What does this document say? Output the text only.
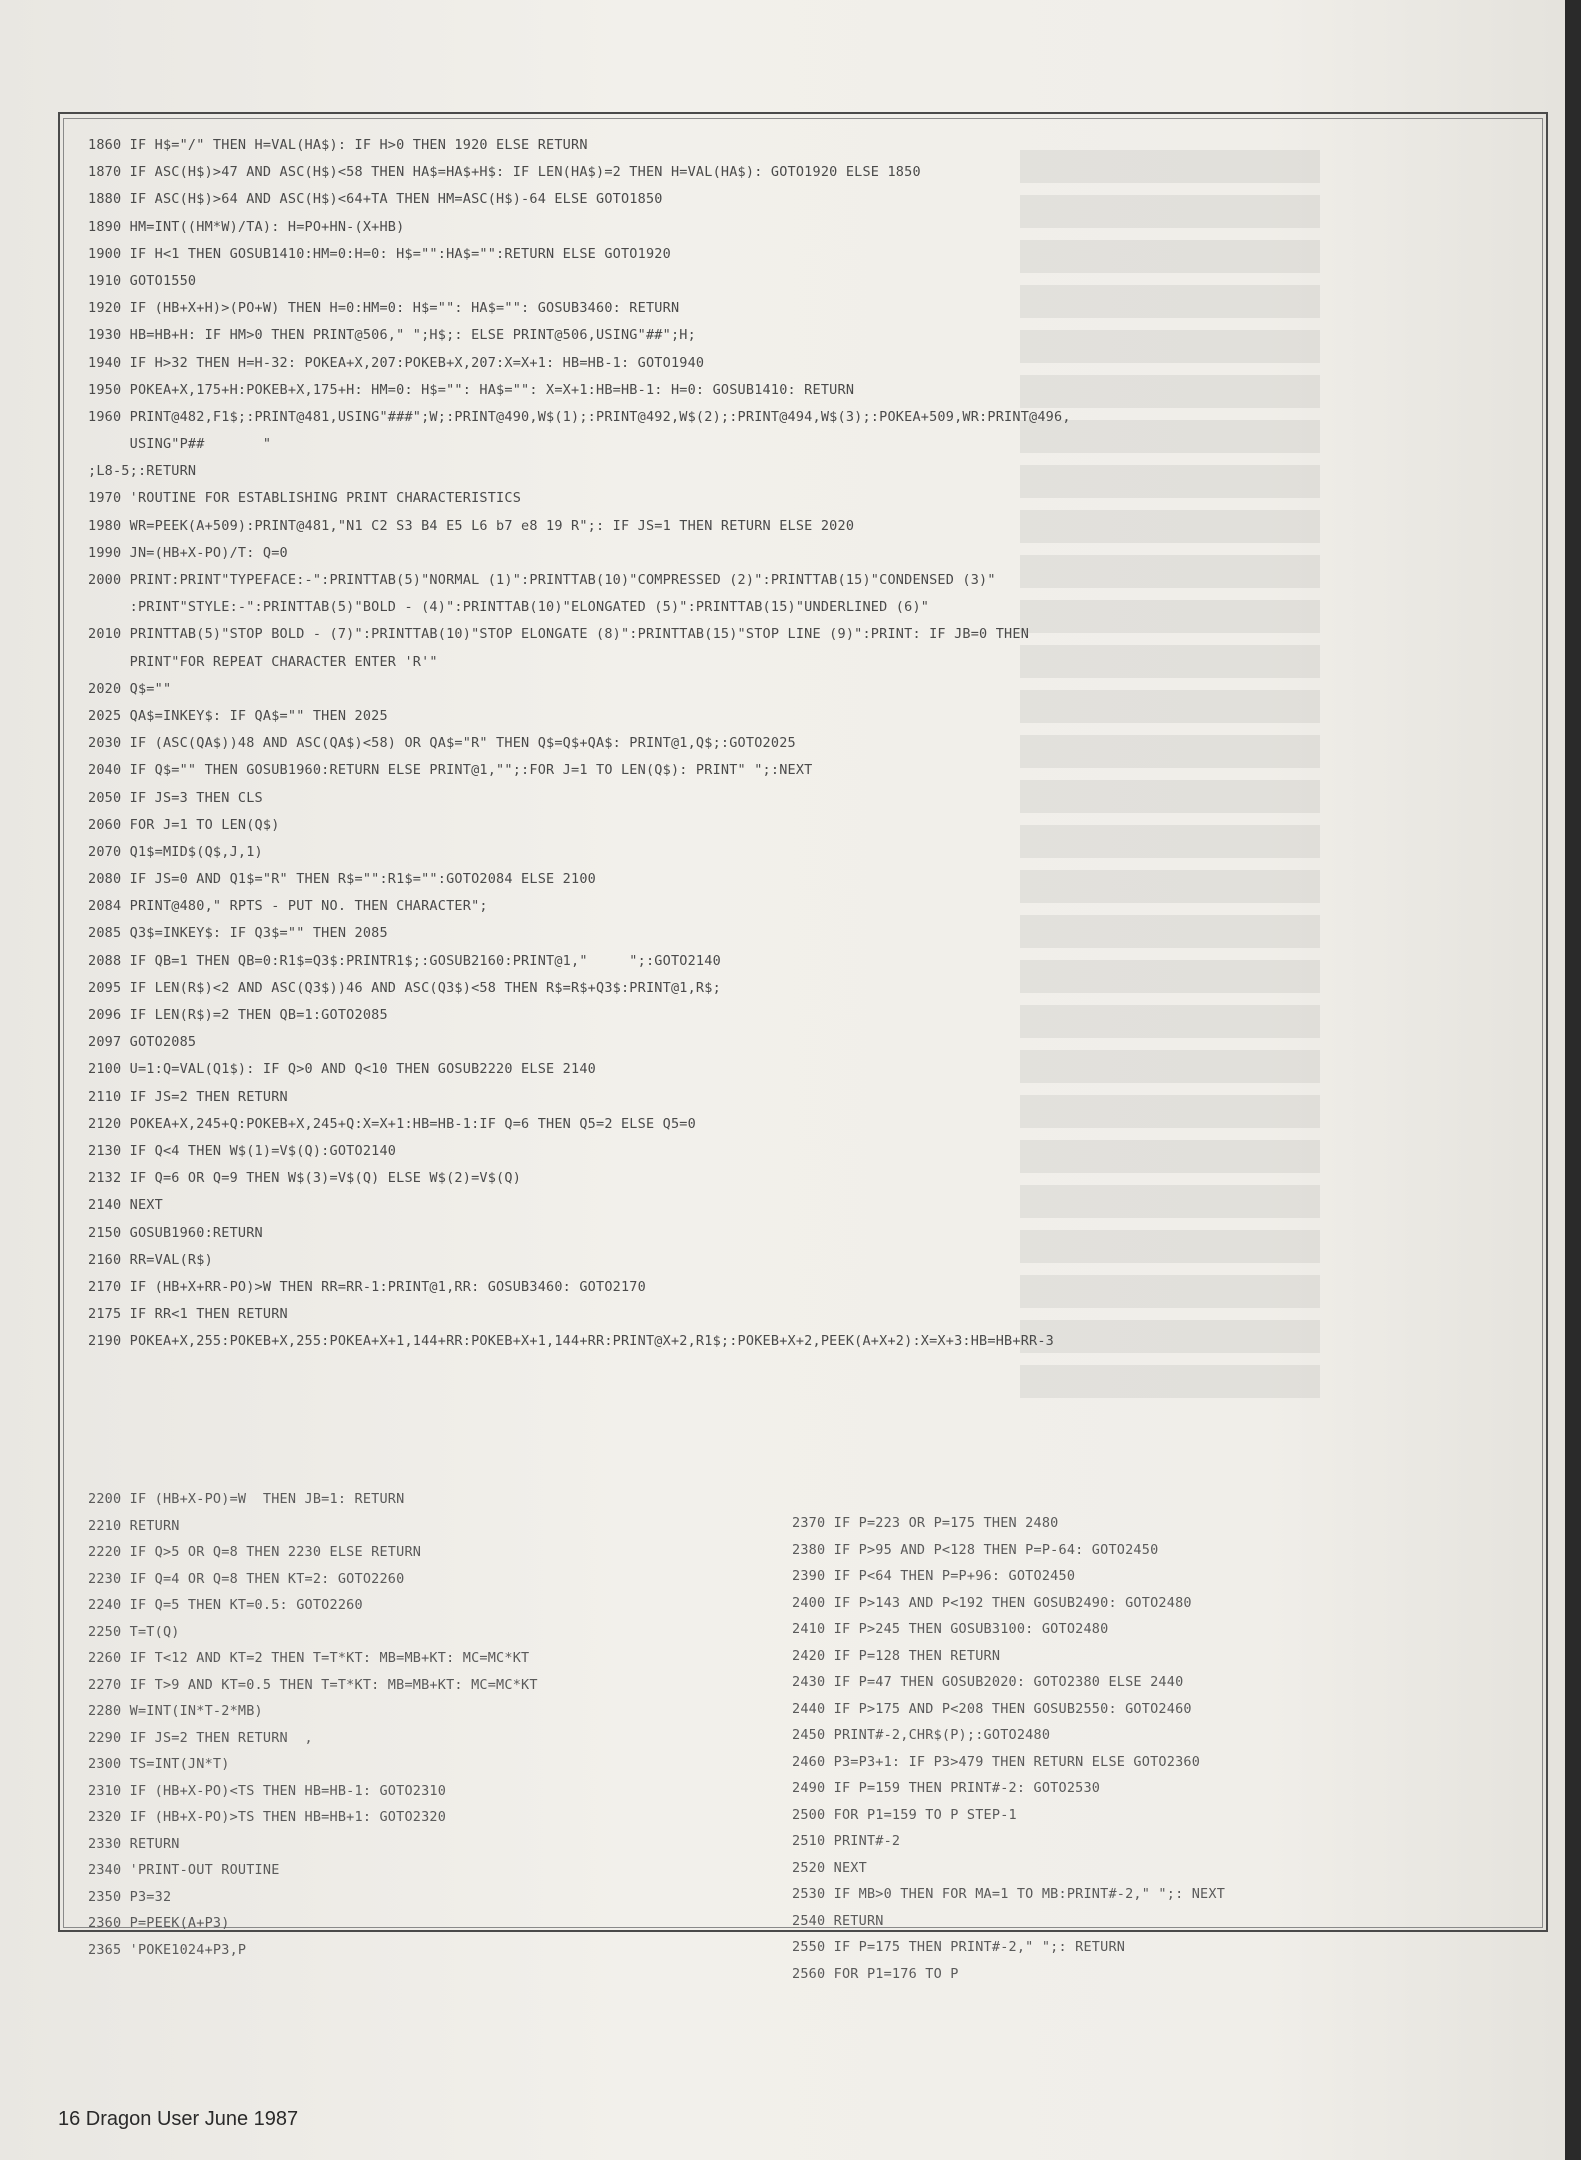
1860 IF H$="/" THEN H=VAL(HA$): IF H>0 THEN 1920 ELSE RETURN
1870 IF ASC(H$)>47 AND ASC(H$)<58 THEN HA$=HA$+H$: IF LEN(HA$)=2 THEN H=VAL(HA$): GOTO1920 ELSE 1850
1880 IF ASC(H$)>64 AND ASC(H$)<64+TA THEN HM=ASC(H$)-64 ELSE GOTO1850
1890 HM=INT((HM*W)/TA): H=PO+HN-(X+HB)
1900 IF H<1 THEN GOSUB1410:HM=0:H=0: H$="":HA$="":RETURN ELSE GOTO1920
1910 GOTO1550
1920 IF (HB+X+H)>(PO+W) THEN H=0:HM=0: H$="": HA$="": GOSUB3460: RETURN
1930 HB=HB+H: IF HM>0 THEN PRINT@506," ";H$;: ELSE PRINT@506,USING"##";H;
1940 IF H>32 THEN H=H-32: POKEA+X,207:POKEB+X,207:X=X+1: HB=HB-1: GOTO1940
1950 POKEA+X,175+H:POKEB+X,175+H: HM=0: H$="": HA$="": X=X+1:HB=HB-1: H=0: GOSUB1410: RETURN
1960 PRINT@482,F1$;:PRINT@481,USING"###";W;:PRINT@490,W$(1);:PRINT@492,W$(2);:PRINT@494,W$(3);:POKEA+509,WR:PRINT@496,
USING"P##       "
;L8-5;:RETURN
1970 'ROUTINE FOR ESTABLISHING PRINT CHARACTERISTICS
1980 WR=PEEK(A+509):PRINT@481,"N1 C2 S3 B4 E5 L6 b7 e8 19 R";: IF JS=1 THEN RETURN ELSE 2020
1990 JN=(HB+X-PO)/T: Q=0
2000 PRINT:PRINT"TYPEFACE:-":PRINTTAB(5)"NORMAL (1)":PRINTTAB(10)"COMPRESSED (2)":PRINTTAB(15)"CONDENSED (3)"
:PRINT"STYLE:-":PRINTTAB(5)"BOLD - (4)":PRINTTAB(10)"ELONGATED (5)":PRINTTAB(15)"UNDERLINED (6)"
2010 PRINTTAB(5)"STOP BOLD - (7)":PRINTTAB(10)"STOP ELONGATE (8)":PRINTTAB(15)"STOP LINE (9)":PRINT: IF JB=0 THEN
PRINT"FOR REPEAT CHARACTER ENTER 'R'"
2020 Q$=""
2025 QA$=INKEY$: IF QA$="" THEN 2025
2030 IF (ASC(QA$))48 AND ASC(QA$)<58) OR QA$="R" THEN Q$=Q$+QA$: PRINT@1,Q$;:GOTO2025
2040 IF Q$="" THEN GOSUB1960:RETURN ELSE PRINT@1,"";:FOR J=1 TO LEN(Q$): PRINT" ";:NEXT
2050 IF JS=3 THEN CLS
2060 FOR J=1 TO LEN(Q$)
2070 Q1$=MID$(Q$,J,1)
2080 IF JS=0 AND Q1$="R" THEN R$="":R1$="":GOTO2084 ELSE 2100
2084 PRINT@480," RPTS - PUT NO. THEN CHARACTER";
2085 Q3$=INKEY$: IF Q3$="" THEN 2085
2088 IF QB=1 THEN QB=0:R1$=Q3$:PRINTR1$;:GOSUB2160:PRINT@1,"     ";:GOTO2140
2095 IF LEN(R$)<2 AND ASC(Q3$))46 AND ASC(Q3$)<58 THEN R$=R$+Q3$:PRINT@1,R$;
2096 IF LEN(R$)=2 THEN QB=1:GOTO2085
2097 GOTO2085
2100 U=1:Q=VAL(Q1$): IF Q>0 AND Q<10 THEN GOSUB2220 ELSE 2140
2110 IF JS=2 THEN RETURN
2120 POKEA+X,245+Q:POKEB+X,245+Q:X=X+1:HB=HB-1:IF Q=6 THEN Q5=2 ELSE Q5=0
2130 IF Q<4 THEN W$(1)=V$(Q):GOTO2140
2132 IF Q=6 OR Q=9 THEN W$(3)=V$(Q) ELSE W$(2)=V$(Q)
2140 NEXT
2150 GOSUB1960:RETURN
2160 RR=VAL(R$)
2170 IF (HB+X+RR-PO)>W THEN RR=RR-1:PRINT@1,RR: GOSUB3460: GOTO2170
2175 IF RR<1 THEN RETURN
2190 POKEA+X,255:POKEB+X,255:POKEA+X+1,144+RR:POKEB+X+1,144+RR:PRINT@X+2,R1$;:POKEB+X+2,PEEK(A+X+2):X=X+3:HB=HB+RR-3
2200 IF (HB+X-PO)=W  THEN JB=1: RETURN
2210 RETURN
2220 IF Q>5 OR Q=8 THEN 2230 ELSE RETURN
2230 IF Q=4 OR Q=8 THEN KT=2: GOTO2260
2240 IF Q=5 THEN KT=0.5: GOTO2260
2250 T=T(Q)
2260 IF T<12 AND KT=2 THEN T=T*KT: MB=MB+KT: MC=MC*KT
2270 IF T>9 AND KT=0.5 THEN T=T*KT: MB=MB+KT: MC=MC*KT
2280 W=INT(IN*T-2*MB)
2290 IF JS=2 THEN RETURN  ,
2300 TS=INT(JN*T)
2310 IF (HB+X-PO)<TS THEN HB=HB-1: GOTO2310
2320 IF (HB+X-PO)>TS THEN HB=HB+1: GOTO2320
2330 RETURN
2340 'PRINT-OUT ROUTINE
2350 P3=32
2360 P=PEEK(A+P3)
2365 'POKE1024+P3,P
2370 IF P=223 OR P=175 THEN 2480
2380 IF P>95 AND P<128 THEN P=P-64: GOTO2450
2390 IF P<64 THEN P=P+96: GOTO2450
2400 IF P>143 AND P<192 THEN GOSUB2490: GOTO2480
2410 IF P>245 THEN GOSUB3100: GOTO2480
2420 IF P=128 THEN RETURN
2430 IF P=47 THEN GOSUB2020: GOTO2380 ELSE 2440
2440 IF P>175 AND P<208 THEN GOSUB2550: GOTO2460
2450 PRINT#-2,CHR$(P);:GOTO2480
2460 P3=P3+1: IF P3>479 THEN RETURN ELSE GOTO2360
2490 IF P=159 THEN PRINT#-2: GOTO2530
2500 FOR P1=159 TO P STEP-1
2510 PRINT#-2
2520 NEXT
2530 IF MB>0 THEN FOR MA=1 TO MB:PRINT#-2," ";: NEXT
2540 RETURN
2550 IF P=175 THEN PRINT#-2," ";: RETURN
2560 FOR P1=176 TO P
16 Dragon User June 1987
